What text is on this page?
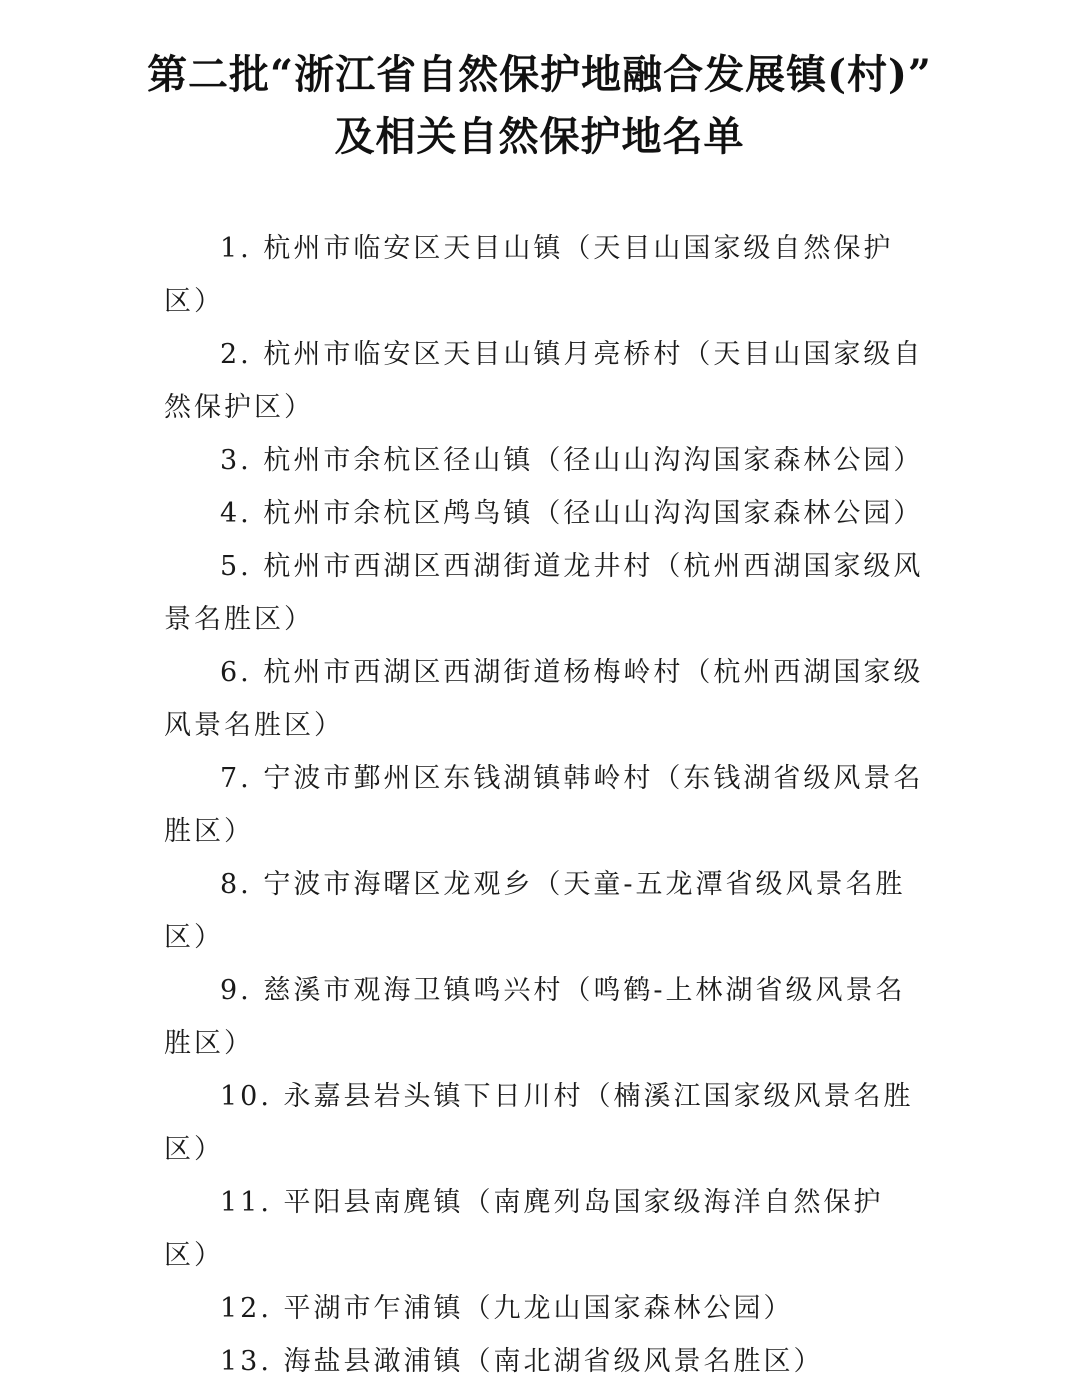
第二批“浙江省自然保护地融合发展镇(村)”
及相关自然保护地名单
1. 杭州市临安区天目山镇（天目山国家级自然保护区）
2. 杭州市临安区天目山镇月亮桥村（天目山国家级自然保护区）
3. 杭州市余杭区径山镇（径山山沟沟国家森林公园）
4. 杭州市余杭区鸬鸟镇（径山山沟沟国家森林公园）
5. 杭州市西湖区西湖街道龙井村（杭州西湖国家级风景名胜区）
6. 杭州市西湖区西湖街道杨梅岭村（杭州西湖国家级风景名胜区）
7. 宁波市鄞州区东钱湖镇韩岭村（东钱湖省级风景名胜区）
8. 宁波市海曙区龙观乡（天童-五龙潭省级风景名胜区）
9. 慈溪市观海卫镇鸣兴村（鸣鹤-上林湖省级风景名胜区）
10. 永嘉县岩头镇下日川村（楠溪江国家级风景名胜区）
11. 平阳县南麂镇（南麂列岛国家级海洋自然保护区）
12. 平湖市乍浦镇（九龙山国家森林公园）
13. 海盐县澉浦镇（南北湖省级风景名胜区）
